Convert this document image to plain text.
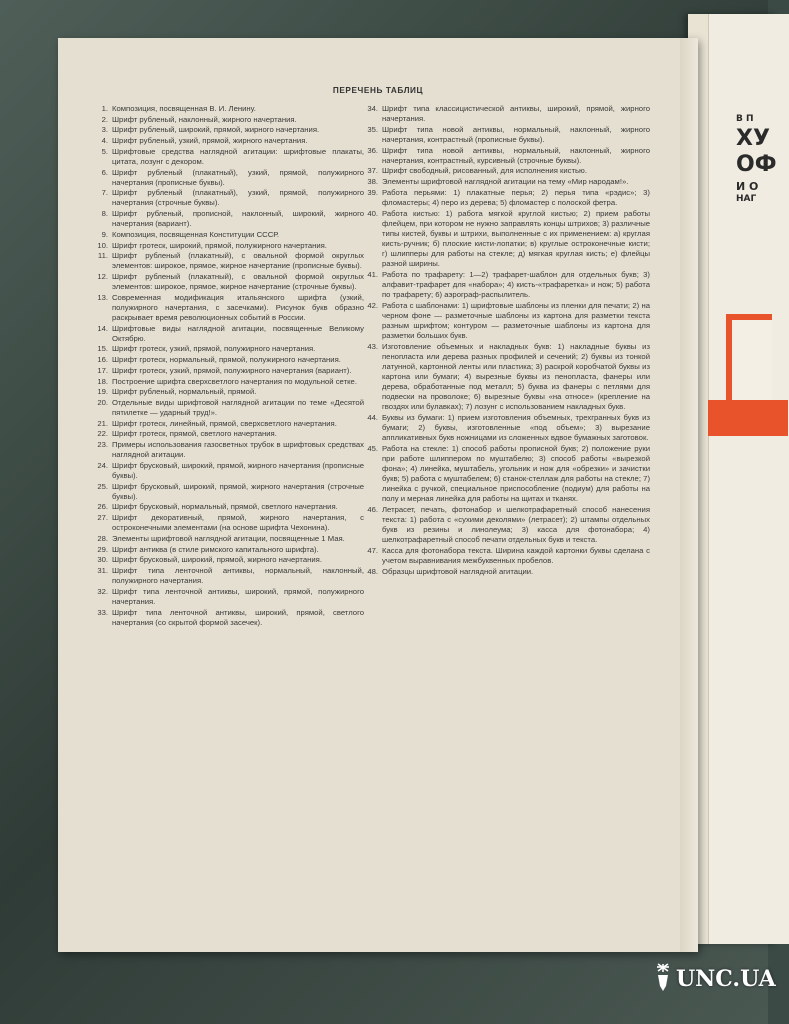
В П
ХУ
ОФ
И О
НАГ
ПЕРЕЧЕНЬ ТАБЛИЦ
1. Композиция, посвященная В. И. Ленину.
2. Шрифт рубленый, наклонный, жирного начертания.
3. Шрифт рубленый, широкий, прямой, жирного начертания.
4. Шрифт рубленый, узкий, прямой, жирного начертания.
5. Шрифтовые средства наглядной агитации: шрифтовые плакаты, цитата, лозунг с декором.
6. Шрифт рубленый (плакатный), узкий, прямой, полужирного начертания (прописные буквы).
7. Шрифт рубленый (плакатный), узкий, прямой, полужирного начертания (строчные буквы).
8. Шрифт рубленый, прописной, наклонный, широкий, жирного начертания (вариант).
9. Композиция, посвященная Конституции СССР.
10. Шрифт гротеск, широкий, прямой, полужирного начертания.
11. Шрифт рубленый (плакатный), с овальной формой округлых элементов: широкое, прямое, жирное начертание (прописные буквы).
12. Шрифт рубленый (плакатный), с овальной формой округлых элементов: широкое, прямое, жирное начертание (строчные буквы).
13. Современная модификация итальянского шрифта (узкий, полужирного начертания, с засечками). Рисунок букв образно раскрывает время революционных событий в России.
14. Шрифтовые виды наглядной агитации, посвященные Великому Октябрю.
15. Шрифт гротеск, узкий, прямой, полужирного начертания.
16. Шрифт гротеск, нормальный, прямой, полужирного начертания.
17. Шрифт гротеск, узкий, прямой, полужирного начертания (вариант).
18. Построение шрифта сверхсветлого начертания по модульной сетке.
19. Шрифт рубленый, нормальный, прямой.
20. Отдельные виды шрифтовой наглядной агитации по теме «Десятой пятилетке — ударный труд!».
21. Шрифт гротеск, линейный, прямой, сверхсветлого начертания.
22. Шрифт гротеск, прямой, светлого начертания.
23. Примеры использования газосветных трубок в шрифтовых средствах наглядной агитации.
24. Шрифт брусковый, широкий, прямой, жирного начертания (прописные буквы).
25. Шрифт брусковый, широкий, прямой, жирного начертания (строчные буквы).
26. Шрифт брусковый, нормальный, прямой, светлого начертания.
27. Шрифт декоративный, прямой, жирного начертания, с остроконечными элементами (на основе шрифта Чехонина).
28. Элементы шрифтовой наглядной агитации, посвященные 1 Мая.
29. Шрифт антиква (в стиле римского капитального шрифта).
30. Шрифт брусковый, широкий, прямой, жирного начертания.
31. Шрифт типа ленточной антиквы, нормальный, наклонный, полужирного начертания.
32. Шрифт типа ленточной антиквы, широкий, прямой, полужирного начертания.
33. Шрифт типа ленточной антиквы, широкий, прямой, светлого начертания (со скрытой формой засечек).
34. Шрифт типа классицистической антиквы, широкий, прямой, жирного начертания.
35. Шрифт типа новой антиквы, нормальный, наклонный, жирного начертания, контрастный (прописные буквы).
36. Шрифт типа новой антиквы, нормальный, наклонный, жирного начертания, контрастный, курсивный (строчные буквы).
37. Шрифт свободный, рисованный, для исполнения кистью.
38. Элементы шрифтовой наглядной агитации на тему «Мир народам!».
39. Работа перьями: 1) плакатные перья; 2) перья типа «рэдис»; 3) фломастеры; 4) перо из дерева; 5) фломастер с полоской фетра.
40. Работа кистью: 1) работа мягкой круглой кистью; 2) прием работы флейцем, при котором не нужно заправлять концы штрихов; 3) различные типы кистей, буквы и штрихи, выполненные с их применением: а) круглая кисть-ручник; б) плоские кисти-лопатки; в) круглые остроконечные кисти; г) шлипперы для работы на стекле; д) мягкая круглая кисть; е) флейцы разной ширины.
41. Работа по трафарету: 1—2) трафарет-шаблон для отдельных букв; 3) алфавит-трафарет для «набора»; 4) кисть-«трафаретка» и нож; 5) работа по трафарету; 6) аэрограф-распылитель.
42. Работа с шаблонами: 1) шрифтовые шаблоны из пленки для печати; 2) на черном фоне — разметочные шаблоны из картона для разметки текста разным шрифтом; контуром — разметочные шаблоны из картона для разметки больших букв.
43. Изготовление объемных и накладных букв: 1) накладные буквы из пенопласта или дерева разных профилей и сечений; 2) буквы из тонкой латунной, картонной ленты или пластика; 3) раскрой коробчатой буквы из картона или бумаги; 4) вырезные буквы из пенопласта, фанеры или дерева, обработанные под металл; 5) буква из фанеры с петлями для подвески на проволоке; 6) вырезные буквы «на относе» (крепление на гвоздях или булавках); 7) лозунг с использованием накладных букв.
44. Буквы из бумаги: 1) прием изготовления объемных, трехгранных букв из бумаги; 2) буквы, изготовленные «под объем»; 3) вырезание аппликативных букв ножницами из сложенных вдвое бумажных заготовок.
45. Работа на стекле: 1) способ работы прописной букв; 2) положение руки при работе шлиппером по муштабелю; 3) способ работы «вырезкой фона»; 4) линейка, муштабель, угольник и нож для «обрезки» и зачистки букв; 5) работа с муштабелем; 6) станок-стеллаж для работы на стекле; 7) линейка с ручкой, специальное приспособление (подиум) для работы на полу и мерная линейка для работы на щитах и тканях.
46. Летрасет, печать, фотонабор и шелкотрафаретный способ нанесения текста: 1) работа с «сухими деколями» (летрасет); 2) штампы отдельных букв из резины и линолеума; 3) касса для фотонабора; 4) шелкотрафаретный способ печати отдельных букв и текста.
47. Касса для фотонабора текста. Ширина каждой картонки буквы сделана с учетом выравнивания межбуквенных пробелов.
48. Образцы шрифтовой наглядной агитации.
UNC.UA
